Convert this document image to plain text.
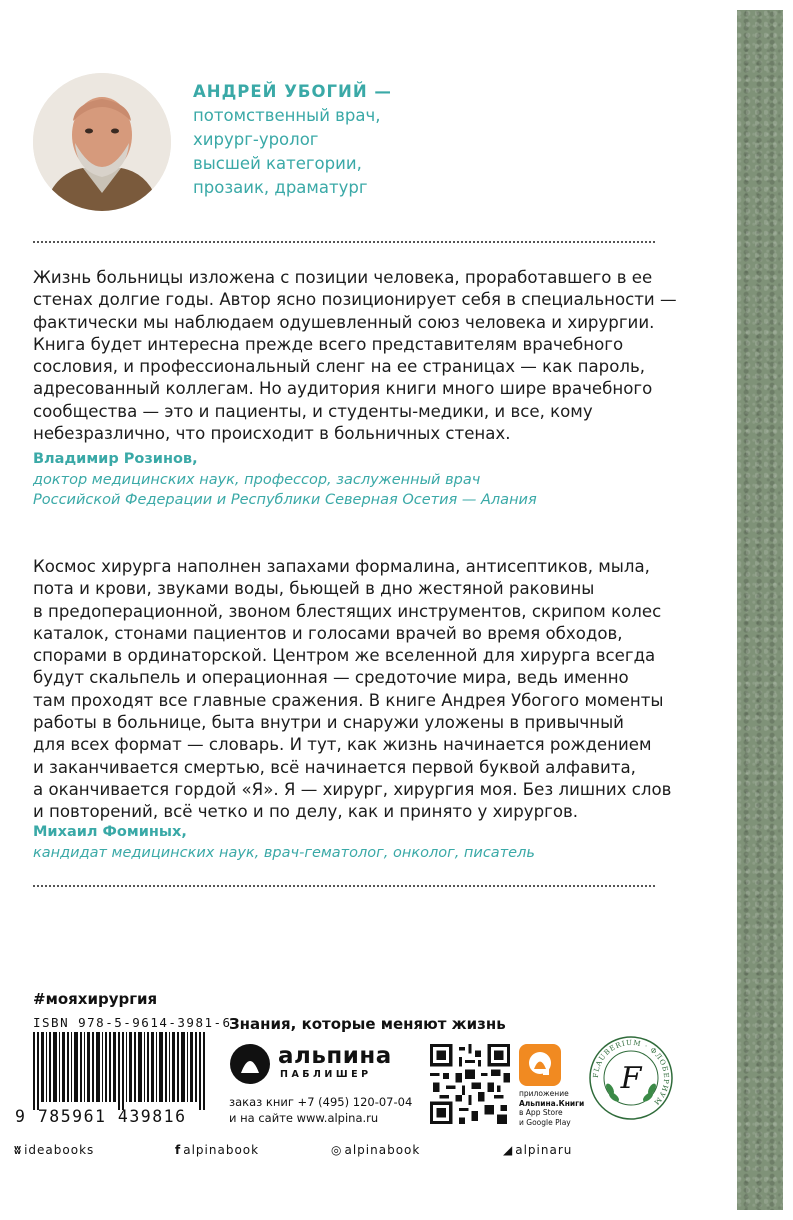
АНДРЕЙ УБОГИЙ —
потомственный врач,
хирург-уролог
высшей категории,
прозаик, драматург
Жизнь больницы изложена с позиции человека, проработавшего в ее
стенах долгие годы. Автор ясно позиционирует себя в специальности —
фактически мы наблюдаем одушевленный союз человека и хирургии.
Книга будет интересна прежде всего представителям врачебного
сословия, и профессиональный сленг на ее страницах — как пароль,
адресованный коллегам. Но аудитория книги много шире врачебного
сообщества — это и пациенты, и студенты-медики, и все, кому
небезразлично, что происходит в больничных стенах.
Владимир Розинов,
доктор медицинских наук, профессор, заслуженный врач
Российской Федерации и Республики Северная Осетия — Алания
Космос хирурга наполнен запахами формалина, антисептиков, мыла,
пота и крови, звуками воды, бьющей в дно жестяной раковины
в предоперационной, звоном блестящих инструментов, скрипом колес
каталок, стонами пациентов и голосами врачей во время обходов,
спорами в ординаторской. Центром же вселенной для хирурга всегда
будут скальпель и операционная — средоточие мира, ведь именно
там проходят все главные сражения. В книге Андрея Убогого моменты
работы в больнице, быта внутри и снаружи уложены в привычный
для всех формат — словарь. И тут, как жизнь начинается рождением
и заканчивается смертью, всё начинается первой буквой алфавита,
а оканчивается гордой «Я». Я — хирург, хирургия моя. Без лишних слов
и повторений, всё четко и по делу, как и принято у хирургов.
Михаил Фоминых,
кандидат медицинских наук, врач-гематолог, онколог, писатель
#мояхирургия
ISBN 978-5-9614-3981-6
9 785961 439816
Знания, которые меняют жизнь
альпина
ПАБЛИШЕР
заказ книг +7 (495) 120-07-04
и на сайте www.alpina.ru
приложение
Альпина.Книги
в App Store
и Google Play
FLAUBERIUM · ФЛОБЕРИУМ
F
ʬ ideabooks	f alpinabook	◎ alpinabook	◢ alpinaru
